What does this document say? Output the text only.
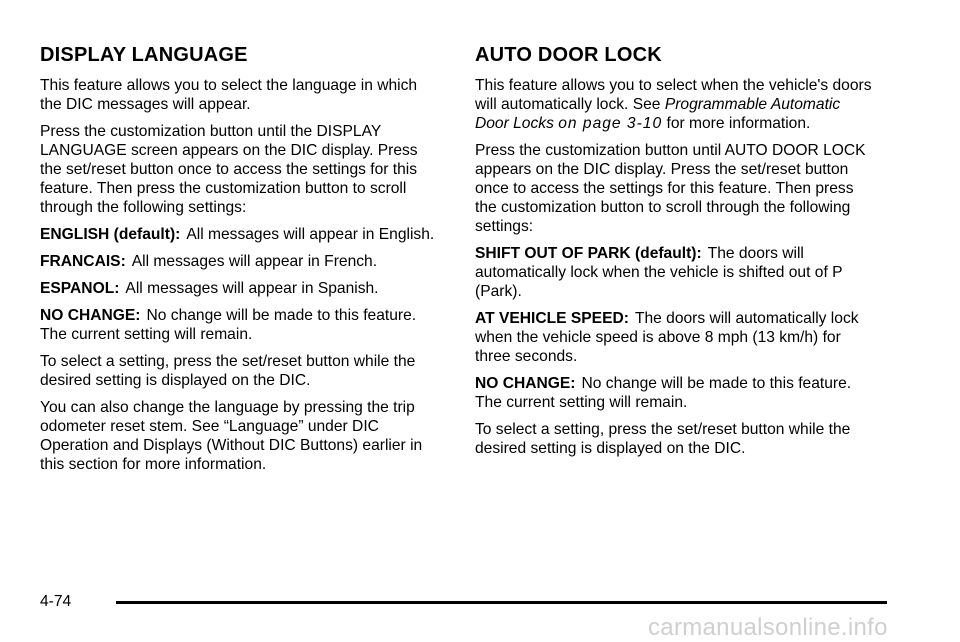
DISPLAY LANGUAGE

This feature allows you to select the language in which the DIC messages will appear.

Press the customization button until the DISPLAY LANGUAGE screen appears on the DIC display. Press the set/reset button once to access the settings for this feature. Then press the customization button to scroll through the following settings:

ENGLISH (default): All messages will appear in English.

FRANCAIS: All messages will appear in French.

ESPANOL: All messages will appear in Spanish.

NO CHANGE: No change will be made to this feature. The current setting will remain.

To select a setting, press the set/reset button while the desired setting is displayed on the DIC.

You can also change the language by pressing the trip odometer reset stem. See “Language” under DIC Operation and Displays (Without DIC Buttons) earlier in this section for more information.

AUTO DOOR LOCK

This feature allows you to select when the vehicle's doors will automatically lock. See Programmable Automatic Door Locks on page 3-10 for more information.

Press the customization button until AUTO DOOR LOCK appears on the DIC display. Press the set/reset button once to access the settings for this feature. Then press the customization button to scroll through the following settings:

SHIFT OUT OF PARK (default): The doors will automatically lock when the vehicle is shifted out of P (Park).

AT VEHICLE SPEED: The doors will automatically lock when the vehicle speed is above 8 mph (13 km/h) for three seconds.

NO CHANGE: No change will be made to this feature. The current setting will remain.

To select a setting, press the set/reset button while the desired setting is displayed on the DIC.

4-74
carmanualsonline.info
